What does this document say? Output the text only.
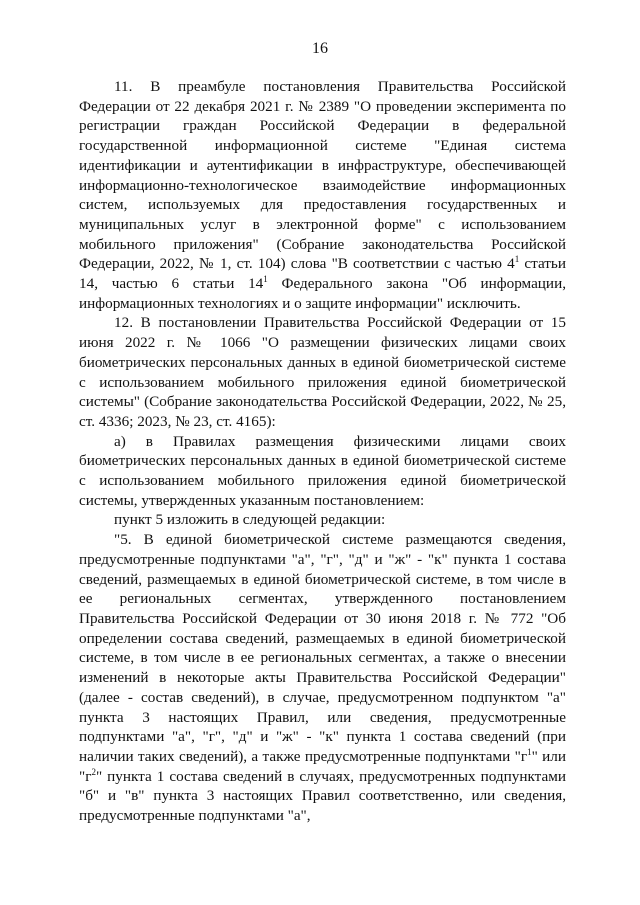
16

11. В преамбуле постановления Правительства Российской Федерации от 22 декабря 2021 г. № 2389 "О проведении эксперимента по регистрации граждан Российской Федерации в федеральной государственной информационной системе "Единая система идентификации и аутентификации в инфраструктуре, обеспечивающей информационно-технологическое взаимодействие информационных систем, используемых для предоставления государственных и муниципальных услуг в электронной форме" с использованием мобильного приложения" (Собрание законодательства Российской Федерации, 2022, № 1, ст. 104) слова "В соответствии с частью $4^1$ статьи 14, частью 6 статьи $14^1$ Федерального закона "Об информации, информационных технологиях и о защите информации" исключить.

12. В постановлении Правительства Российской Федерации от 15 июня 2022 г. № 1066 "О размещении физических лицами своих биометрических персональных данных в единой биометрической системе с использованием мобильного приложения единой биометрической системы" (Собрание законодательства Российской Федерации, 2022, № 25, ст. 4336; 2023, № 23, ст. 4165):

а) в Правилах размещения физическими лицами своих биометрических персональных данных в единой биометрической системе с использованием мобильного приложения единой биометрической системы, утвержденных указанным постановлением:

пункт 5 изложить в следующей редакции:

"5. В единой биометрической системе размещаются сведения, предусмотренные подпунктами "а", "г", "д" и "ж" - "к" пункта 1 состава сведений, размещаемых в единой биометрической системе, в том числе в ее региональных сегментах, утвержденного постановлением Правительства Российской Федерации от 30 июня 2018 г. № 772 "Об определении состава сведений, размещаемых в единой биометрической системе, в том числе в ее региональных сегментах, а также о внесении изменений в некоторые акты Правительства Российской Федерации" (далее - состав сведений), в случае, предусмотренном подпунктом "а" пункта 3 настоящих Правил, или сведения, предусмотренные подпунктами "а", "г", "д" и "ж" - "к" пункта 1 состава сведений (при наличии таких сведений), а также предусмотренные подпунктами "$г^1$" или "$г^2$" пункта 1 состава сведений в случаях, предусмотренных подпунктами "б" и "в" пункта 3 настоящих Правил соответственно, или сведения, предусмотренные подпунктами "а",
